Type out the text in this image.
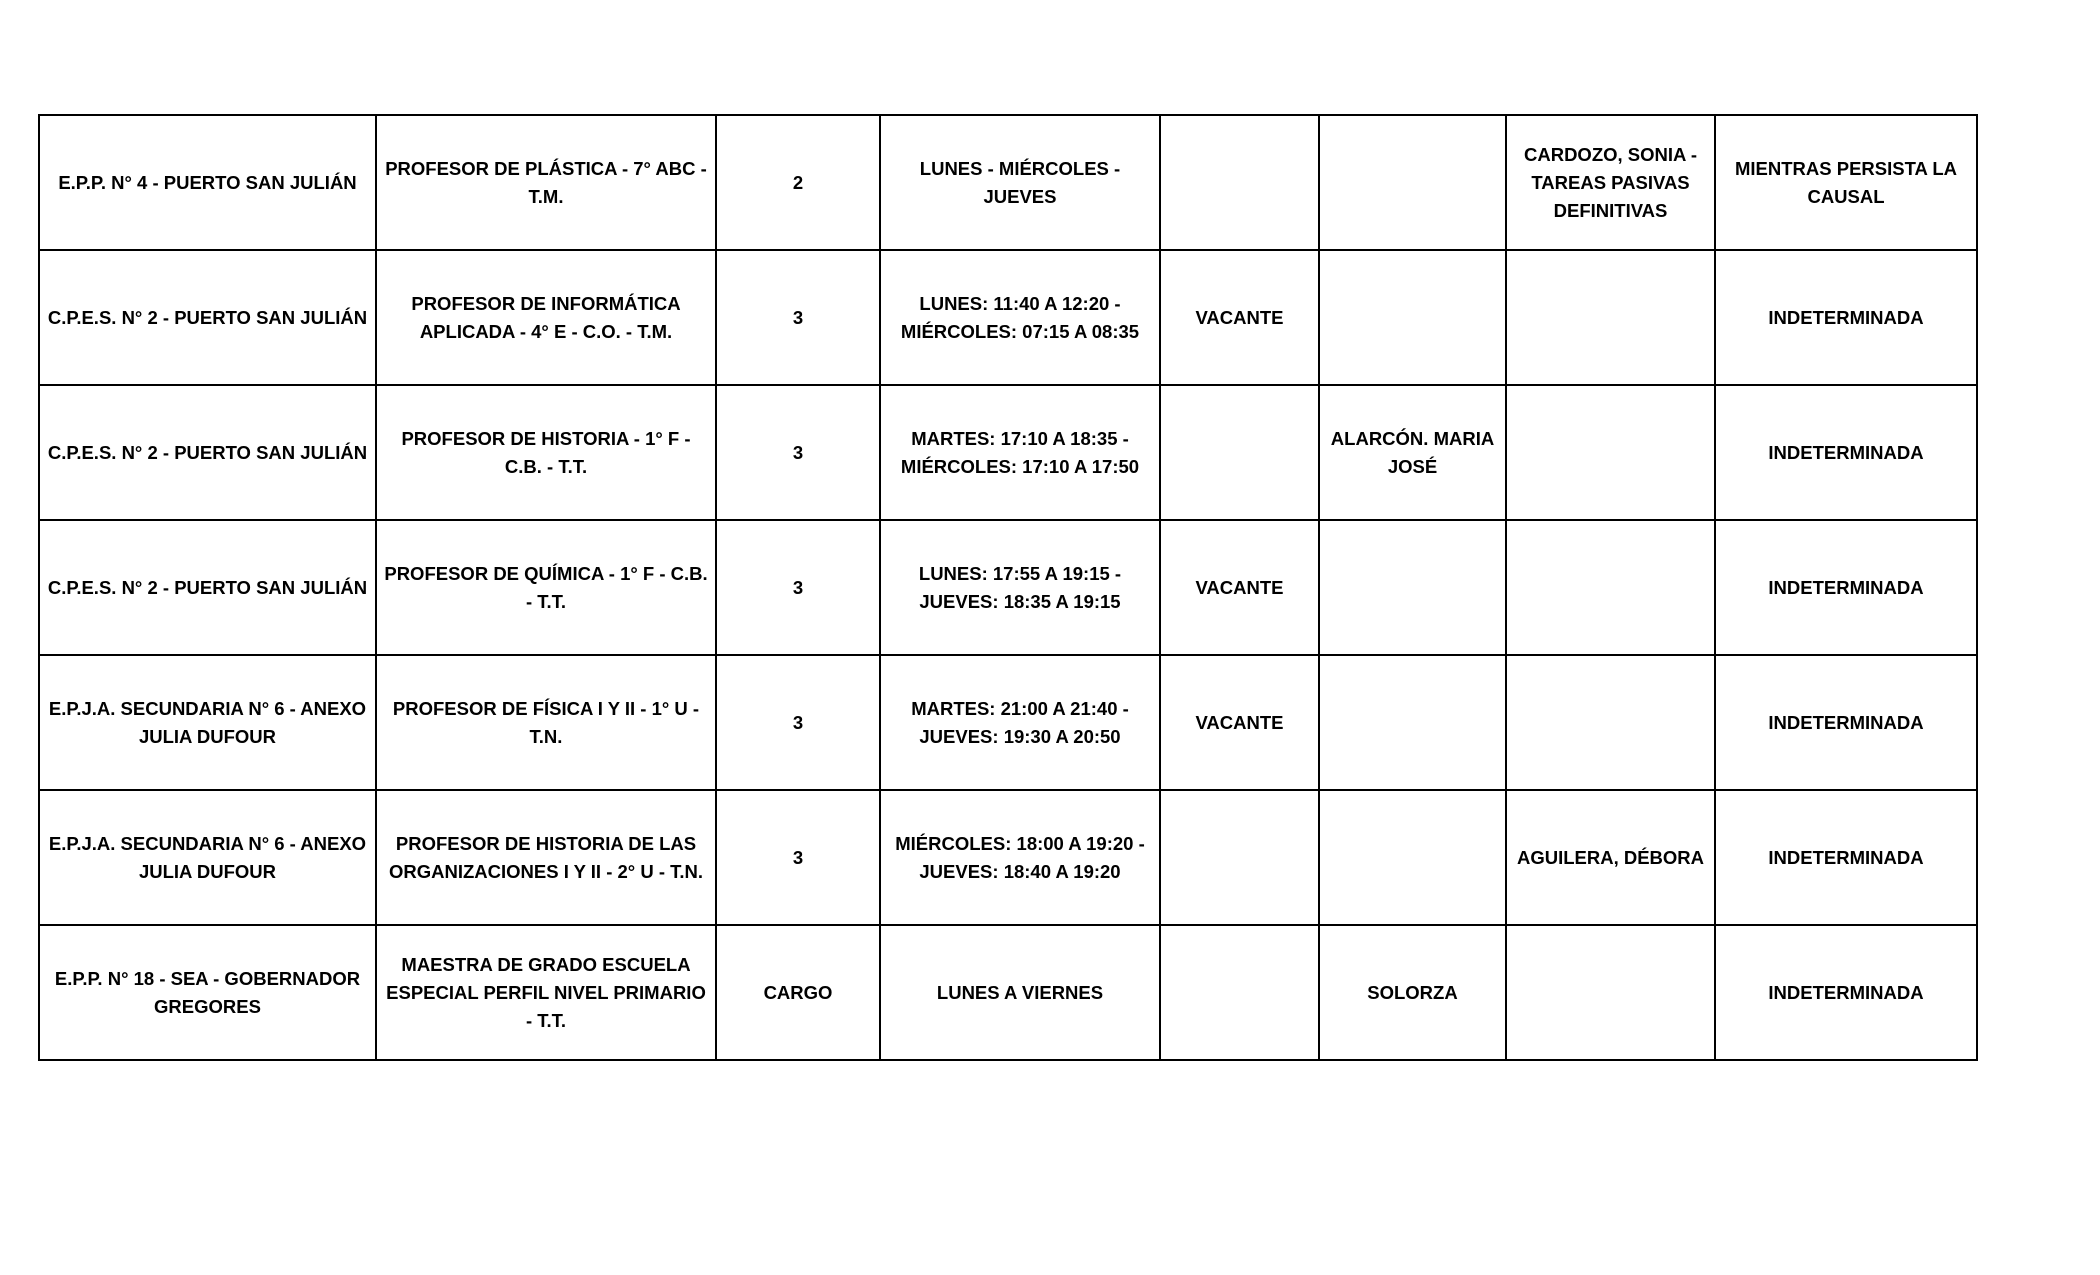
E.P.P. N° 4 - PUERTO SAN JULIÁN	PROFESOR DE PLÁSTICA - 7° ABC - T.M.	2	LUNES - MIÉRCOLES - JUEVES			CARDOZO, SONIA - TAREAS PASIVAS DEFINITIVAS	MIENTRAS PERSISTA LA CAUSAL
C.P.E.S. N° 2 - PUERTO SAN JULIÁN	PROFESOR DE INFORMÁTICA APLICADA - 4° E - C.O. - T.M.	3	LUNES: 11:40 A 12:20 - MIÉRCOLES: 07:15 A 08:35	VACANTE			INDETERMINADA
C.P.E.S. N° 2 - PUERTO SAN JULIÁN	PROFESOR DE HISTORIA - 1° F - C.B. - T.T.	3	MARTES: 17:10 A 18:35 - MIÉRCOLES: 17:10 A 17:50		ALARCÓN. MARIA JOSÉ		INDETERMINADA
C.P.E.S. N° 2 - PUERTO SAN JULIÁN	PROFESOR DE QUÍMICA - 1° F - C.B. - T.T.	3	LUNES: 17:55 A 19:15 - JUEVES: 18:35 A 19:15	VACANTE			INDETERMINADA
E.P.J.A. SECUNDARIA N° 6 - ANEXO JULIA DUFOUR	PROFESOR DE FÍSICA I Y II - 1° U - T.N.	3	MARTES: 21:00 A 21:40 - JUEVES: 19:30 A 20:50	VACANTE			INDETERMINADA
E.P.J.A. SECUNDARIA N° 6 - ANEXO JULIA DUFOUR	PROFESOR DE HISTORIA DE LAS ORGANIZACIONES I Y II - 2° U - T.N.	3	MIÉRCOLES: 18:00 A 19:20 - JUEVES: 18:40 A 19:20			AGUILERA, DÉBORA	INDETERMINADA
E.P.P. N° 18 - SEA - GOBERNADOR GREGORES	MAESTRA DE GRADO ESCUELA ESPECIAL PERFIL NIVEL PRIMARIO - T.T.	CARGO	LUNES A VIERNES		SOLORZA		INDETERMINADA
